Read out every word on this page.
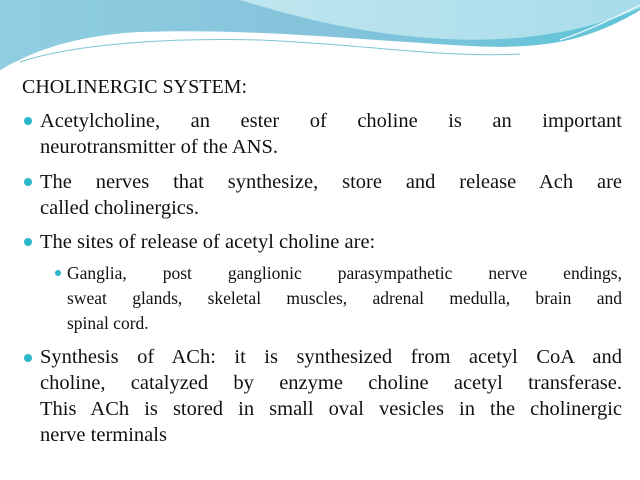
CHOLINERGIC SYSTEM:
Acetylcholine, an ester of choline is an important
neurotransmitter of the ANS.
The nerves that synthesize, store and release Ach are
called cholinergics.
The sites of release of acetyl choline are:
Ganglia, post ganglionic parasympathetic nerve endings,
sweat glands, skeletal muscles, adrenal medulla, brain and
spinal cord.
Synthesis of ACh: it is synthesized from acetyl CoA and
choline, catalyzed by enzyme choline acetyl transferase.
This ACh is stored in small oval vesicles in the cholinergic
nerve terminals
